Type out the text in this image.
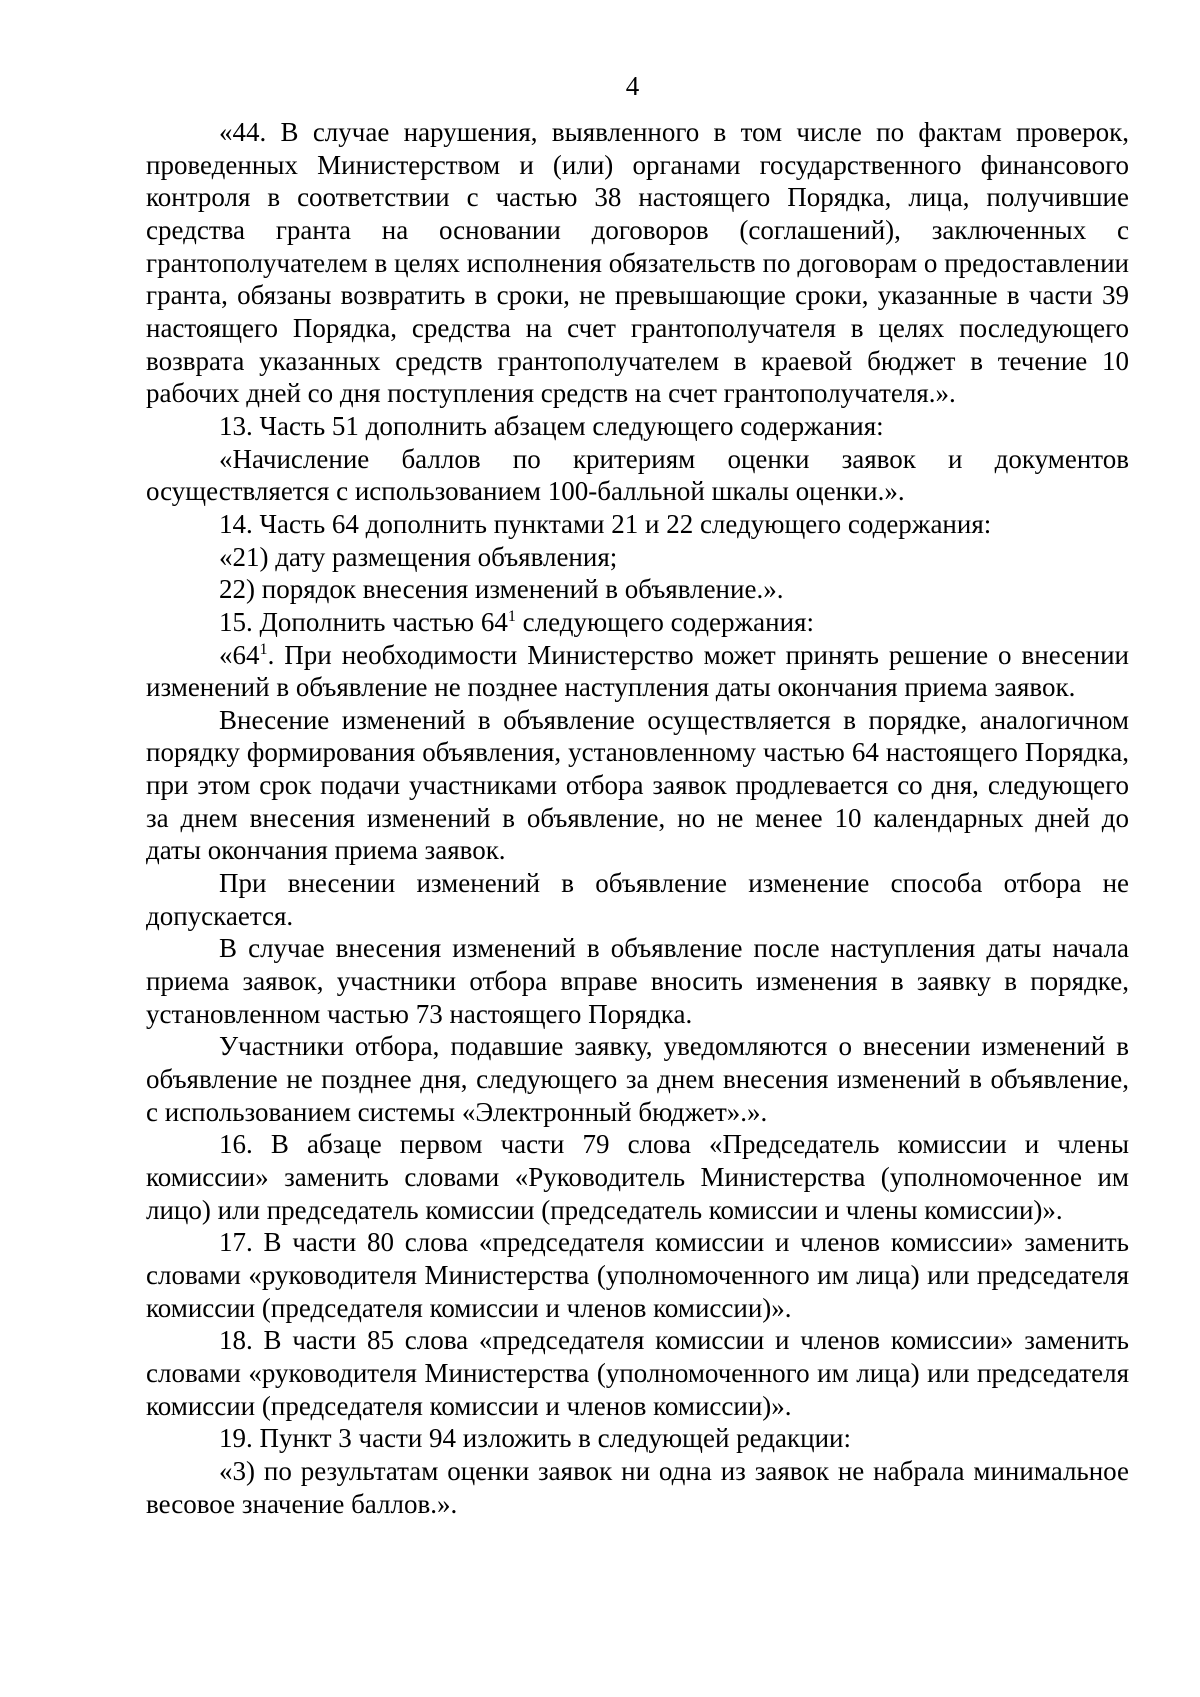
4

«44. В случае нарушения, выявленного в том числе по фактам проверок, проведенных Министерством и (или) органами государственного финансового контроля в соответствии с частью 38 настоящего Порядка, лица, получившие средства гранта на основании договоров (соглашений), заключенных с грантополучателем в целях исполнения обязательств по договорам о предоставлении гранта, обязаны возвратить в сроки, не превышающие сроки, указанные в части 39 настоящего Порядка, средства на счет грантополучателя в целях последующего возврата указанных средств грантополучателем в краевой бюджет в течение 10 рабочих дней со дня поступления средств на счет грантополучателя.».

13. Часть 51 дополнить абзацем следующего содержания:

«Начисление баллов по критериям оценки заявок и документов осуществляется с использованием 100-балльной шкалы оценки.».

14. Часть 64 дополнить пунктами 21 и 22 следующего содержания:

«21) дату размещения объявления;

22) порядок внесения изменений в объявление.».

15. Дополнить частью $64^1$ следующего содержания:

«$64^1$. При необходимости Министерство может принять решение о внесении изменений в объявление не позднее наступления даты окончания приема заявок.

Внесение изменений в объявление осуществляется в порядке, аналогичном порядку формирования объявления, установленному частью 64 настоящего Порядка, при этом срок подачи участниками отбора заявок продлевается со дня, следующего за днем внесения изменений в объявление, но не менее 10 календарных дней до даты окончания приема заявок.

При внесении изменений в объявление изменение способа отбора не допускается.

В случае внесения изменений в объявление после наступления даты начала приема заявок, участники отбора вправе вносить изменения в заявку в порядке, установленном частью 73 настоящего Порядка.

Участники отбора, подавшие заявку, уведомляются о внесении изменений в объявление не позднее дня, следующего за днем внесения изменений в объявление, с использованием системы «Электронный бюджет».».

16. В абзаце первом части 79 слова «Председатель комиссии и члены комиссии» заменить словами «Руководитель Министерства (уполномоченное им лицо) или председатель комиссии (председатель комиссии и члены комиссии)».

17. В части 80 слова «председателя комиссии и членов комиссии» заменить словами «руководителя Министерства (уполномоченного им лица) или председателя комиссии (председателя комиссии и членов комиссии)».

18. В части 85 слова «председателя комиссии и членов комиссии» заменить словами «руководителя Министерства (уполномоченного им лица) или председателя комиссии (председателя комиссии и членов комиссии)».

19. Пункт 3 части 94 изложить в следующей редакции:

«3) по результатам оценки заявок ни одна из заявок не набрала минимальное весовое значение баллов.».
